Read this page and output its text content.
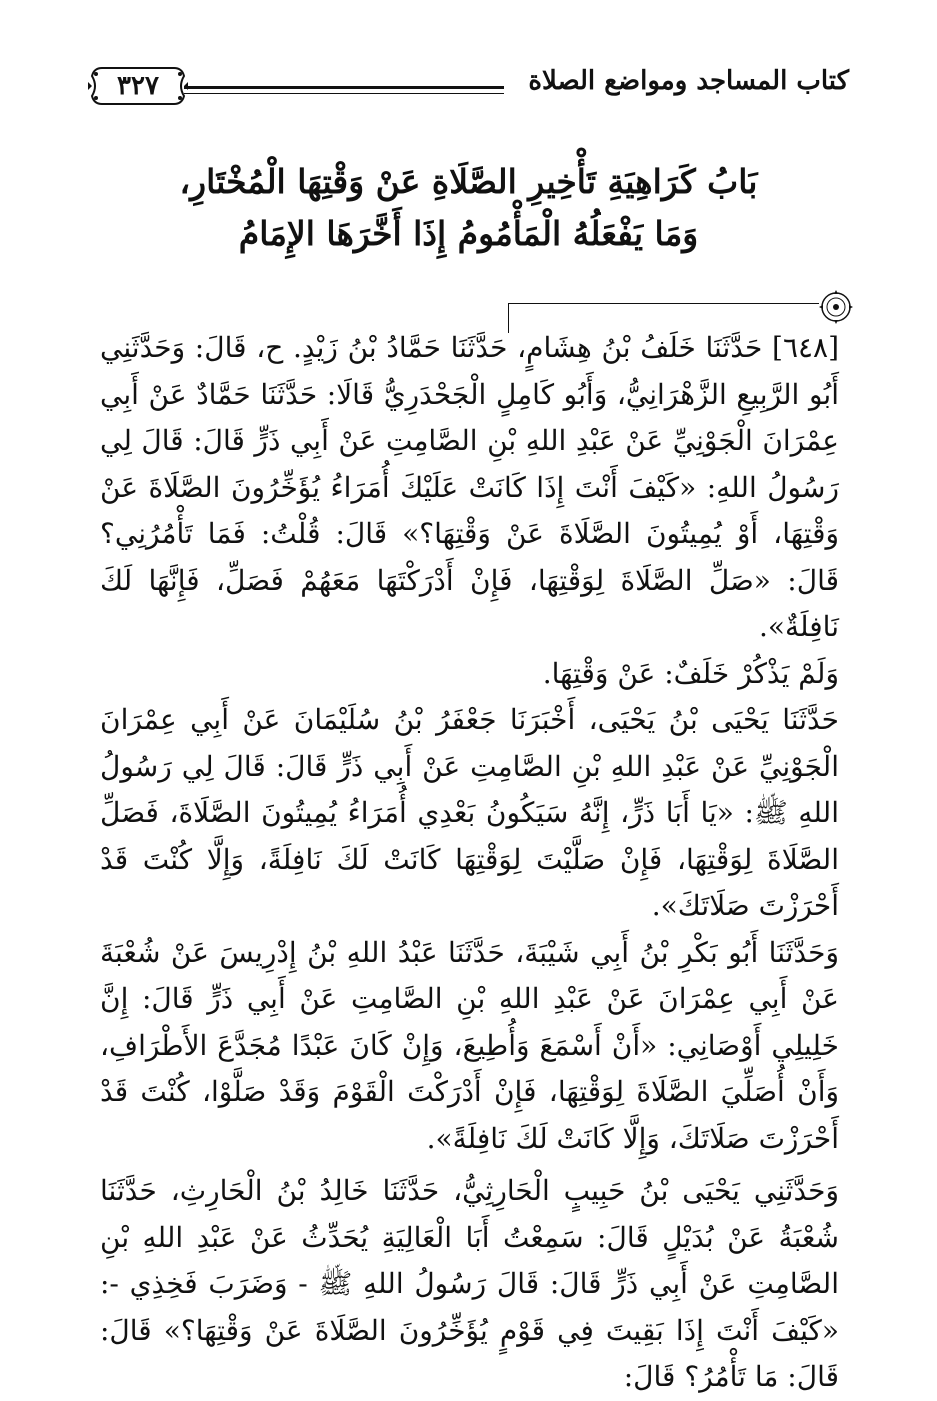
كتاب المساجد ومواضع الصلاة
٣٢٧
بَابُ كَرَاهِيَةِ تَأْخِيرِ الصَّلَاةِ عَنْ وَقْتِهَا الْمُخْتَارِ،
وَمَا يَفْعَلُهُ الْمَأْمُومُ إِذَا أَخَّرَهَا الإِمَامُ

[٦٤٨] حَدَّثَنَا خَلَفُ بْنُ هِشَامٍ، حَدَّثَنَا حَمَّادُ بْنُ زَيْدٍ. ح، قَالَ: وَحَدَّثَنِي أَبُو الرَّبِيعِ الزَّهْرَانِيُّ، وَأَبُو كَامِلٍ الْجَحْدَرِيُّ قَالَا: حَدَّثَنَا حَمَّادٌ عَنْ أَبِي عِمْرَانَ الْجَوْنِيِّ عَنْ عَبْدِ اللهِ بْنِ الصَّامِتِ عَنْ أَبِي ذَرٍّ قَالَ: قَالَ لِي رَسُولُ اللهِ: «كَيْفَ أَنْتَ إِذَا كَانَتْ عَلَيْكَ أُمَرَاءُ يُؤَخِّرُونَ الصَّلَاةَ عَنْ وَقْتِهَا، أَوْ يُمِيتُونَ الصَّلَاةَ عَنْ وَقْتِهَا؟» قَالَ: قُلْتُ: فَمَا تَأْمُرُنِي؟ قَالَ: «صَلِّ الصَّلَاةَ لِوَقْتِهَا، فَإِنْ أَدْرَكْتَهَا مَعَهُمْ فَصَلِّ، فَإِنَّهَا لَكَ نَافِلَةٌ».

وَلَمْ يَذْكُرْ خَلَفٌ: عَنْ وَقْتِهَا.

حَدَّثَنَا يَحْيَى بْنُ يَحْيَى، أَخْبَرَنَا جَعْفَرُ بْنُ سُلَيْمَانَ عَنْ أَبِي عِمْرَانَ الْجَوْنِيِّ عَنْ عَبْدِ اللهِ بْنِ الصَّامِتِ عَنْ أَبِي ذَرٍّ قَالَ: قَالَ لِي رَسُولُ اللهِ ﷺ: «يَا أَبَا ذَرٍّ، إِنَّهُ سَيَكُونُ بَعْدِي أُمَرَاءُ يُمِيتُونَ الصَّلَاةَ، فَصَلِّ الصَّلَاةَ لِوَقْتِهَا، فَإِنْ صَلَّيْتَ لِوَقْتِهَا كَانَتْ لَكَ نَافِلَةً، وَإِلَّا كُنْتَ قَدْ أَحْرَزْتَ صَلَاتَكَ».

وَحَدَّثَنَا أَبُو بَكْرِ بْنُ أَبِي شَيْبَةَ، حَدَّثَنَا عَبْدُ اللهِ بْنُ إِدْرِيسَ عَنْ شُعْبَةَ عَنْ أَبِي عِمْرَانَ عَنْ عَبْدِ اللهِ بْنِ الصَّامِتِ عَنْ أَبِي ذَرٍّ قَالَ: إِنَّ خَلِيلِي أَوْصَانِي: «أَنْ أَسْمَعَ وَأُطِيعَ، وَإِنْ كَانَ عَبْدًا مُجَدَّعَ الأَطْرَافِ، وَأَنْ أُصَلِّيَ الصَّلَاةَ لِوَقْتِهَا، فَإِنْ أَدْرَكْتَ الْقَوْمَ وَقَدْ صَلَّوْا، كُنْتَ قَدْ أَحْرَزْتَ صَلَاتَكَ، وَإِلَّا كَانَتْ لَكَ نَافِلَةً».

وَحَدَّثَنِي يَحْيَى بْنُ حَبِيبٍ الْحَارِثِيُّ، حَدَّثَنَا خَالِدُ بْنُ الْحَارِثِ، حَدَّثَنَا شُعْبَةُ عَنْ بُدَيْلٍ قَالَ: سَمِعْتُ أَبَا الْعَالِيَةِ يُحَدِّثُ عَنْ عَبْدِ اللهِ بْنِ الصَّامِتِ عَنْ أَبِي ذَرٍّ قَالَ: قَالَ رَسُولُ اللهِ ﷺ - وَضَرَبَ فَخِذِي -: «كَيْفَ أَنْتَ إِذَا بَقِيتَ فِي قَوْمٍ يُؤَخِّرُونَ الصَّلَاةَ عَنْ وَقْتِهَا؟» قَالَ: قَالَ: مَا تَأْمُرُ؟ قَالَ:
